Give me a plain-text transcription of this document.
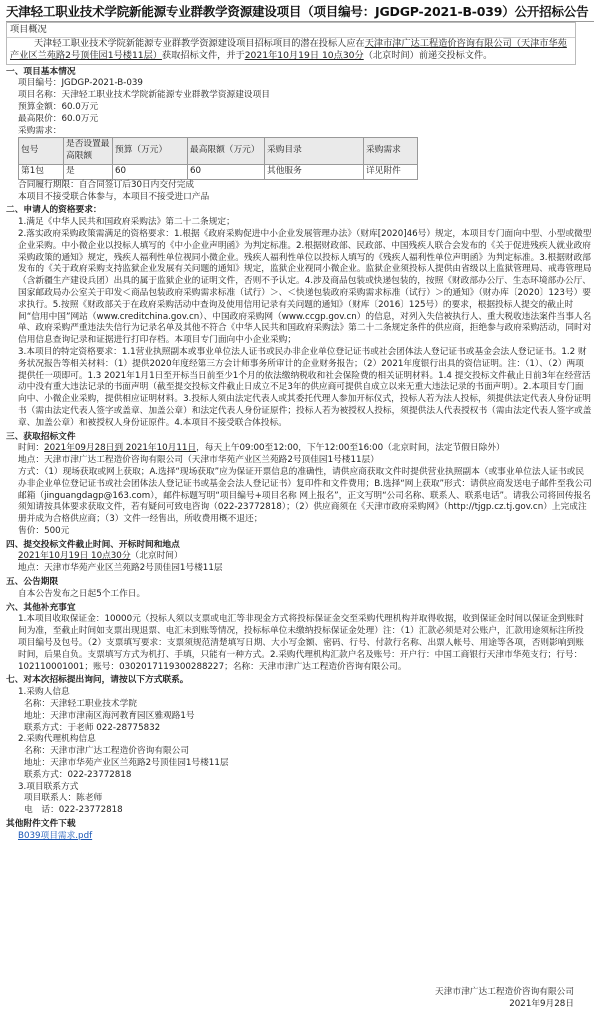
天津轻工职业技术学院新能源专业群教学资源建设项目（项目编号：JGDGP-2021-B-039）公开招标公告
项目概况
天津轻工职业技术学院新能源专业群教学资源建设项目招标项目的潜在投标人应在天津市津广达工程造价咨询有限公司（天津市华苑产业区兰苑路2号顶佳园1号楼11层）获取招标文件，并于2021年10月19日 10点30分（北京时间）前递交投标文件。
一、项目基本情况
项目编号：JGDGP-2021-B-039
项目名称：天津轻工职业技术学院新能源专业群教学资源建设项目
预算金额：60.0万元
最高限价：60.0万元
采购需求：
包号	是否设置最高限额	预算（万元）	最高限额（万元）	采购目录	采购需求
第1包	是	60	60	其他服务	详见附件
合同履行期限：自合同签订后30日内交付完成
本项目不接受联合体参与，本项目不接受进口产品
二、申请人的资格要求：
1.满足《中华人民共和国政府采购法》第二十二条规定；
2.落实政府采购政策需满足的资格要求：1.根据《政府采购促进中小企业发展管理办法》（财库[2020]46号）规定，本项目专门面向中型、小型或微型企业采购。中小微企业以投标人填写的《中小企业声明函》为判定标准。2.根据财政部、民政部、中国残疾人联合会发布的《关于促进残疾人就业政府采购政策的通知》规定，残疾人福利性单位视同小微企业。残疾人福利性单位以投标人填写的《残疾人福利性单位声明函》为判定标准。3.根据财政部发布的《关于政府采购支持监狱企业发展有关问题的通知》规定，监狱企业视同小微企业。监狱企业须投标人提供由省级以上监狱管理局、戒毒管理局（含新疆生产建设兵团）出具的属于监狱企业的证明文件，否则不予认定。4.涉及商品包装或快递包装的，按照《财政部办公厅、生态环境部办公厅、国家邮政局办公室关于印发＜商品包装政府采购需求标准（试行）＞、＜快递包装政府采购需求标准（试行）＞的通知》（财办库〔2020〕123号）要求执行。5.按照《财政部关于在政府采购活动中查询及使用信用记录有关问题的通知》（财库〔2016〕125号）的要求，根据投标人提交的截止时间“信用中国”网站（www.creditchina.gov.cn）、中国政府采购网（www.ccgp.gov.cn）的信息，对列入失信被执行人、重大税收违法案件当事人名单、政府采购严重违法失信行为记录名单及其他不符合《中华人民共和国政府采购法》第二十二条规定条件的供应商，拒绝参与政府采购活动，同时对信用信息查询记录和证据进行打印存档。本项目专门面向中小企业采购；
3.本项目的特定资格要求：1.1营业执照副本或事业单位法人证书或民办非企业单位登记证书或社会团体法人登记证书或基金会法人登记证书。1.2 财务状况报告等相关材料：（1）提供2020年度经第三方会计师事务所审计的企业财务报告；（2）2021年度银行出具的资信证明。注：（1）、（2）两项提供任一项即可。1.3 2021年1月1日至开标当日前至少1个月的依法缴纳税收和社会保险费的相关证明材料。1.4 提交投标文件截止日前3年在经营活动中没有重大违法记录的书面声明（截至提交投标文件截止日成立不足3年的供应商可提供自成立以来无重大违法记录的书面声明）。2.本项目专门面向中、小微企业采购，提供相应证明材料。3.投标人须由法定代表人或其委托代理人参加开标仪式，投标人若为法人投标，须提供法定代表人身份证明书（需由法定代表人签字或盖章、加盖公章）和法定代表人身份证原件；投标人若为被授权人投标，须提供法人代表授权书（需由法定代表人签字或盖章、加盖公章）和被授权人身份证原件。4.本项目不接受联合体投标。
三、获取招标文件
时间：2021年09月28日到 2021年10月11日，每天上午09:00至12:00，下午12:00至16:00（北京时间，法定节假日除外）
地点：天津市津广达工程造价咨询有限公司（天津市华苑产业区兰苑路2号顶佳园1号楼11层）
方式：（1）现场获取或网上获取；A.选择“现场获取”应为保证开票信息的准确性，请供应商获取文件时提供营业执照副本（或事业单位法人证书或民办非企业单位登记证书或社会团体法人登记证书或基金会法人登记证书）复印件和文件费用；B.选择“网上获取”形式：请供应商发送电子邮件至我公司邮箱（jinguangdagp@163.com），邮件标题写明“项目编号+项目名称 网上报名”，正文写明“公司名称、联系人、联系电话”。请我公司将回传报名须知请按具体要求获取文件，若有疑问可致电咨询（022-23772818）；（2）供应商须在《天津市政府采购网》（http://tjgp.cz.tj.gov.cn）上完成注册并成为合格供应商；（3）文件一经售出，所收费用概不退还；
售价：500元
四、提交投标文件截止时间、开标时间和地点
2021年10月19日 10点30分（北京时间）
地点：天津市华苑产业区兰苑路2号顶佳园1号楼11层
五、公告期限
自本公告发布之日起5个工作日。
六、其他补充事宜
1.本项目收取保证金：10000元（投标人须以支票或电汇等非现金方式将投标保证金交至采购代理机构并取得收据，收到保证金时间以保证金到账时间为准，至截止时间如支票出现退票、电汇未到账等情况，投标标单位未缴纳投标保证金处理）注：（1）汇款必须是对公账户，汇款用途须标注所投项目编号及包号。（2）支票填写要求：支票须规范清楚填写日期、大小写金额、密码、行号、付款行名称、出票人帐号、用途等各项，否则影响到账时间，后果自负。支票填写方式为机打、手填，只能有一种方式。2.采购代理机构汇款户名及账号：开户行：中国工商银行天津市华苑支行；行号：102110001001；账号：0302017119300288227；名称：天津市津广达工程造价咨询有限公司。
七、对本次招标提出询问，请按以下方式联系。
1.采购人信息
名称：天津轻工职业技术学院
地址：天津市津南区海河教育园区雅观路1号
联系方式：于老师 022-28775832
2.采购代理机构信息
名称：天津市津广达工程造价咨询有限公司
地址：天津市华苑产业区兰苑路2号顶佳园1号楼11层
联系方式：022-23772818
3.项目联系方式
项目联系人：陈老师
电　话：022-23772818
其他附件文件下载
B039项目需求.pdf
天津市津广达工程造价咨询有限公司
2021年9月28日
